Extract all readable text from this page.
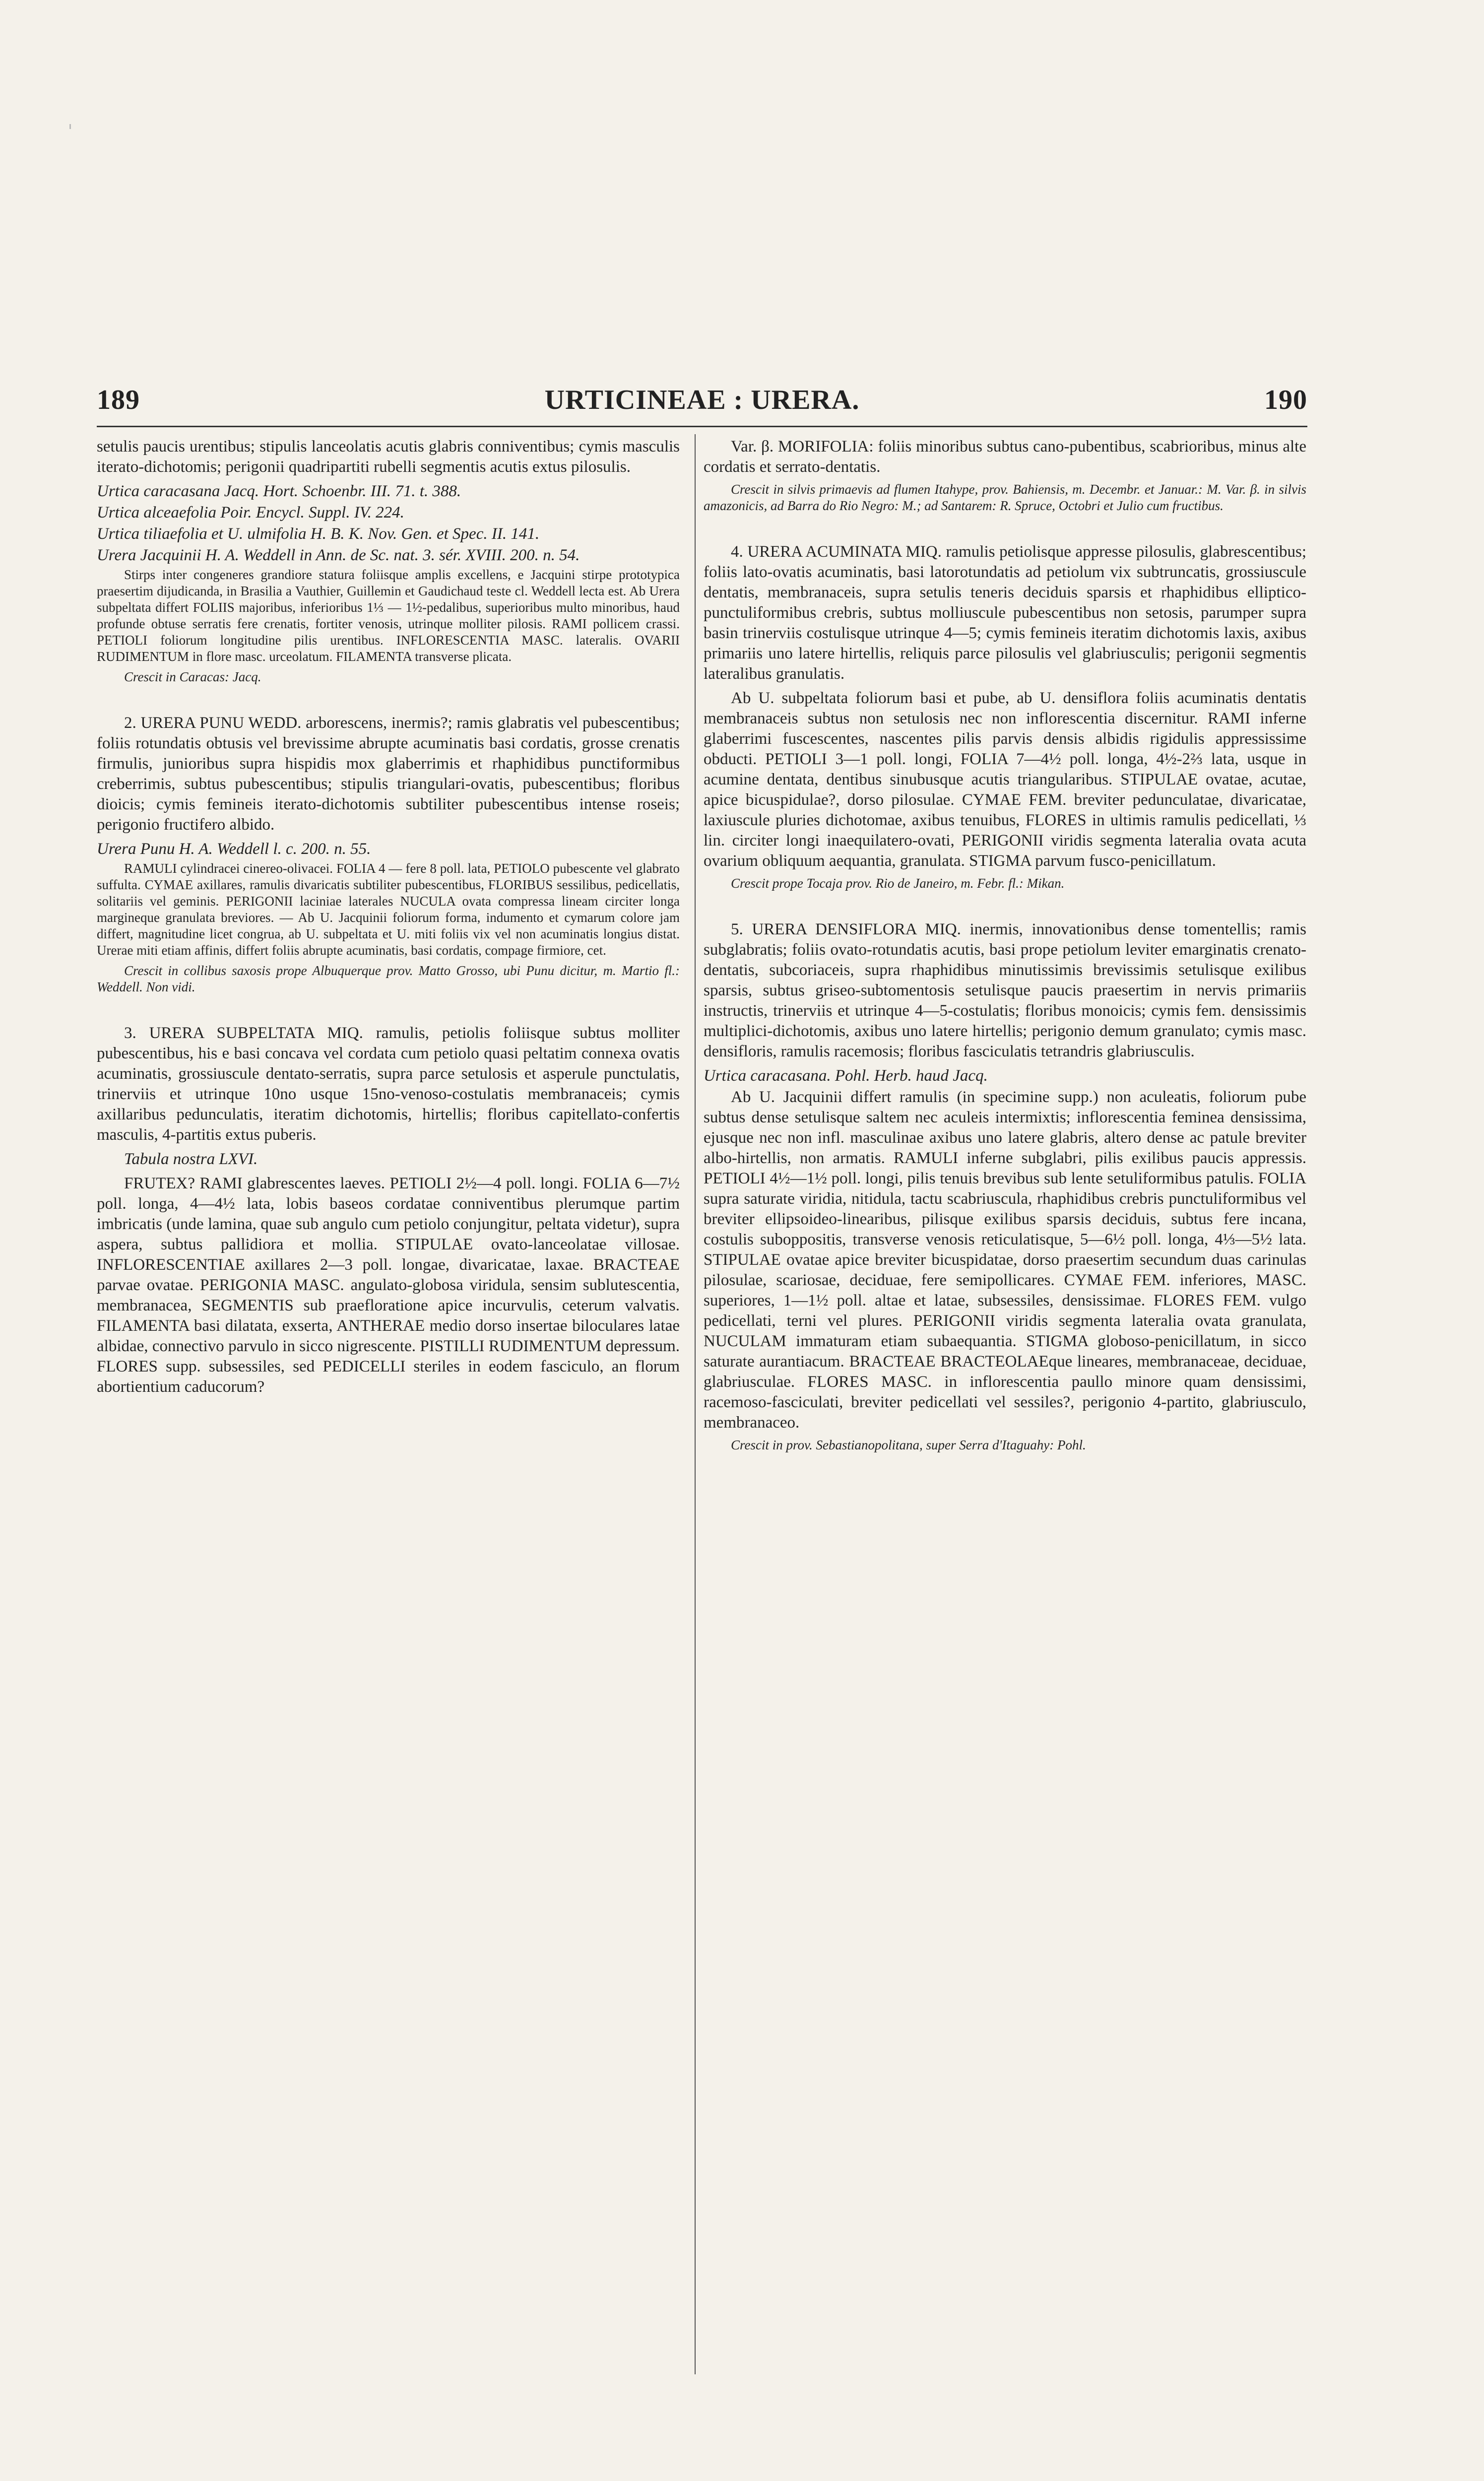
189	URTICINEAE : URERA.	190

setulis paucis urentibus; stipulis lanceolatis acutis glabris conniventibus; cymis masculis iterato-dichotomis; perigonii quadripartiti rubelli segmentis acutis extus pilosulis.

Urtica caracasana Jacq. Hort. Schoenbr. III. 71. t. 388.

Urtica alceaefolia Poir. Encycl. Suppl. IV. 224.

Urtica tiliaefolia et U. ulmifolia H. B. K. Nov. Gen. et Spec. II. 141.

Urera Jacquinii H. A. Weddell in Ann. de Sc. nat. 3. sér. XVIII. 200. n. 54.

Stirps inter congeneres grandiore statura foliisque amplis excellens, e Jacquini stirpe prototypica praesertim dijudicanda, in Brasilia a Vauthier, Guillemin et Gaudichaud teste cl. Weddell lecta est. Ab Urera subpeltata differt FOLIIS majoribus, inferioribus 1⅓ — 1½-pedalibus, superioribus multo minoribus, haud profunde obtuse serratis fere crenatis, fortiter venosis, utrinque molliter pilosis. RAMI pollicem crassi. PETIOLI foliorum longitudine pilis urentibus. INFLORESCENTIA MASC. lateralis. OVARII RUDIMENTUM in flore masc. urceolatum. FILAMENTA transverse plicata.

Crescit in Caracas: Jacq.

2. URERA PUNU WEDD. arborescens, inermis?; ramis glabratis vel pubescentibus; foliis rotundatis obtusis vel brevissime abrupte acuminatis basi cordatis, grosse crenatis firmulis, junioribus supra hispidis mox glaberrimis et rhaphidibus punctiformibus creberrimis, subtus pubescentibus; stipulis triangulari-ovatis, pubescentibus; floribus dioicis; cymis femineis iterato-dichotomis subtiliter pubescentibus intense roseis; perigonio fructifero albido.

Urera Punu H. A. Weddell l. c. 200. n. 55.

RAMULI cylindracei cinereo-olivacei. FOLIA 4 — fere 8 poll. lata, PETIOLO pubescente vel glabrato suffulta. CYMAE axillares, ramulis divaricatis subtiliter pubescentibus, FLORIBUS sessilibus, pedicellatis, solitariis vel geminis. PERIGONII laciniae laterales NUCULA ovata compressa lineam circiter longa margineque granulata breviores. — Ab U. Jacquinii foliorum forma, indumento et cymarum colore jam differt, magnitudine licet congrua, ab U. subpeltata et U. miti foliis vix vel non acuminatis longius distat. Urerae miti etiam affinis, differt foliis abrupte acuminatis, basi cordatis, compage firmiore, cet.

Crescit in collibus saxosis prope Albuquerque prov. Matto Grosso, ubi Punu dicitur, m. Martio fl.: Weddell. Non vidi.

3. URERA SUBPELTATA MIQ. ramulis, petiolis foliisque subtus molliter pubescentibus, his e basi concava vel cordata cum petiolo quasi peltatim connexa ovatis acuminatis, grossiuscule dentato-serratis, supra parce setulosis et asperule punctulatis, trinerviis et utrinque 10no usque 15no-venoso-costulatis membranaceis; cymis axillaribus pedunculatis, iteratim dichotomis, hirtellis; floribus capitellato-confertis masculis, 4-partitis extus puberis.

Tabula nostra LXVI.

FRUTEX? RAMI glabrescentes laeves. PETIOLI 2½—4 poll. longi. FOLIA 6—7½ poll. longa, 4—4½ lata, lobis baseos cordatae conniventibus plerumque partim imbricatis (unde lamina, quae sub angulo cum petiolo conjungitur, peltata videtur), supra aspera, subtus pallidiora et mollia. STIPULAE ovato-lanceolatae villosae. INFLORESCENTIAE axillares 2—3 poll. longae, divaricatae, laxae. BRACTEAE parvae ovatae. PERIGONIA MASC. angulato-globosa viridula, sensim sublutescentia, membranacea, SEGMENTIS sub praefloratione apice incurvulis, ceterum valvatis. FILAMENTA basi dilatata, exserta, ANTHERAE medio dorso insertae biloculares latae albidae, connectivo parvulo in sicco nigrescente. PISTILLI RUDIMENTUM depressum. FLORES supp. subsessiles, sed PEDICELLI steriles in eodem fasciculo, an florum abortientium caducorum?

Var. β. MORIFOLIA: foliis minoribus subtus cano-pubentibus, scabrioribus, minus alte cordatis et serrato-dentatis.

Crescit in silvis primaevis ad flumen Itahype, prov. Bahiensis, m. Decembr. et Januar.: M. Var. β. in silvis amazonicis, ad Barra do Rio Negro: M.; ad Santarem: R. Spruce, Octobri et Julio cum fructibus.

4. URERA ACUMINATA MIQ. ramulis petiolisque appresse pilosulis, glabrescentibus; foliis lato-ovatis acuminatis, basi latorotundatis ad petiolum vix subtruncatis, grossiuscule dentatis, membranaceis, supra setulis teneris deciduis sparsis et rhaphidibus elliptico-punctuliformibus crebris, subtus molliuscule pubescentibus non setosis, parumper supra basin trinerviis costulisque utrinque 4—5; cymis femineis iteratim dichotomis laxis, axibus primariis uno latere hirtellis, reliquis parce pilosulis vel glabriusculis; perigonii segmentis lateralibus granulatis.

Ab U. subpeltata foliorum basi et pube, ab U. densiflora foliis acuminatis dentatis membranaceis subtus non setulosis nec non inflorescentia discernitur. RAMI inferne glaberrimi fuscescentes, nascentes pilis parvis densis albidis rigidulis appressissime obducti. PETIOLI 3—1 poll. longi, FOLIA 7—4½ poll. longa, 4½-2⅔ lata, usque in acumine dentata, dentibus sinubusque acutis triangularibus. STIPULAE ovatae, acutae, apice bicuspidulae?, dorso pilosulae. CYMAE FEM. breviter pedunculatae, divaricatae, laxiuscule pluries dichotomae, axibus tenuibus, FLORES in ultimis ramulis pedicellati, ⅓ lin. circiter longi inaequilatero-ovati, PERIGONII viridis segmenta lateralia ovata acuta ovarium obliquum aequantia, granulata. STIGMA parvum fusco-penicillatum.

Crescit prope Tocaja prov. Rio de Janeiro, m. Febr. fl.: Mikan.

5. URERA DENSIFLORA MIQ. inermis, innovationibus dense tomentellis; ramis subglabratis; foliis ovato-rotundatis acutis, basi prope petiolum leviter emarginatis crenato-dentatis, subcoriaceis, supra rhaphidibus minutissimis brevissimis setulisque exilibus sparsis, subtus griseo-subtomentosis setulisque paucis praesertim in nervis primariis instructis, trinerviis et utrinque 4—5-costulatis; floribus monoicis; cymis fem. densissimis multiplici-dichotomis, axibus uno latere hirtellis; perigonio demum granulato; cymis masc. densifloris, ramulis racemosis; floribus fasciculatis tetrandris glabriusculis.

Urtica caracasana. Pohl. Herb. haud Jacq.

Ab U. Jacquinii differt ramulis (in specimine supp.) non aculeatis, foliorum pube subtus dense setulisque saltem nec aculeis intermixtis; inflorescentia feminea densissima, ejusque nec non infl. masculinae axibus uno latere glabris, altero dense ac patule breviter albo-hirtellis, non armatis. RAMULI inferne subglabri, pilis exilibus paucis appressis. PETIOLI 4½—1½ poll. longi, pilis tenuis brevibus sub lente setuliformibus patulis. FOLIA supra saturate viridia, nitidula, tactu scabriuscula, rhaphidibus crebris punctuliformibus vel breviter ellipsoideo-linearibus, pilisque exilibus sparsis deciduis, subtus fere incana, costulis suboppositis, transverse venosis reticulatisque, 5—6½ poll. longa, 4⅓—5½ lata. STIPULAE ovatae apice breviter bicuspidatae, dorso praesertim secundum duas carinulas pilosulae, scariosae, deciduae, fere semipollicares. CYMAE FEM. inferiores, MASC. superiores, 1—1½ poll. altae et latae, subsessiles, densissimae. FLORES FEM. vulgo pedicellati, terni vel plures. PERIGONII viridis segmenta lateralia ovata granulata, NUCULAM immaturam etiam subaequantia. STIGMA globoso-penicillatum, in sicco saturate aurantiacum. BRACTEAE BRACTEOLAEque lineares, membranaceae, deciduae, glabriusculae. FLORES MASC. in inflorescentia paullo minore quam densissimi, racemoso-fasciculati, breviter pedicellati vel sessiles?, perigonio 4-partito, glabriusculo, membranaceo.

Crescit in prov. Sebastianopolitana, super Serra d'Itaguahy: Pohl.
